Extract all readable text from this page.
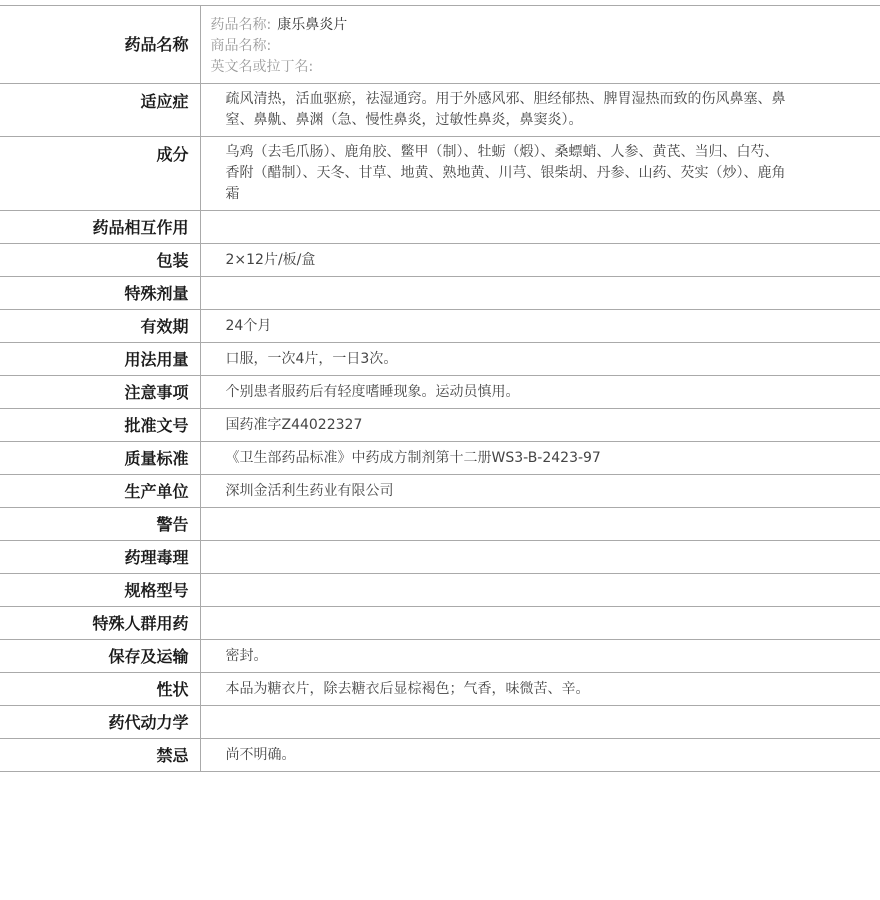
药品名称	药品名称: 康乐鼻炎片
商品名称:
英文名或拉丁名:

适应症	疏风清热，活血驱瘀，祛湿通窍。用于外感风邪、胆经郁热、脾胃湿热而致的伤风鼻塞、鼻窒、鼻鼽、鼻渊（急、慢性鼻炎，过敏性鼻炎，鼻窦炎）。
成分	乌鸡（去毛爪肠）、鹿角胶、鳖甲（制）、牡蛎（煅）、桑螵蛸、人参、黄芪、当归、白芍、香附（醋制）、天冬、甘草、地黄、熟地黄、川芎、银柴胡、丹参、山药、芡实（炒）、鹿角霜
药品相互作用	
包装	2×12片/板/盒
特殊剂量	
有效期	24个月
用法用量	口服，一次4片，一日3次。
注意事项	个别患者服药后有轻度嗜睡现象。运动员慎用。
批准文号	国药准字Z44022327
质量标准	《卫生部药品标准》中药成方制剂第十二册WS3-B-2423-97
生产单位	深圳金活利生药业有限公司
警告	
药理毒理	
规格型号	
特殊人群用药	
保存及运输	密封。
性状	本品为糖衣片，除去糖衣后显棕褐色；气香，味微苦、辛。
药代动力学	
禁忌	尚不明确。
